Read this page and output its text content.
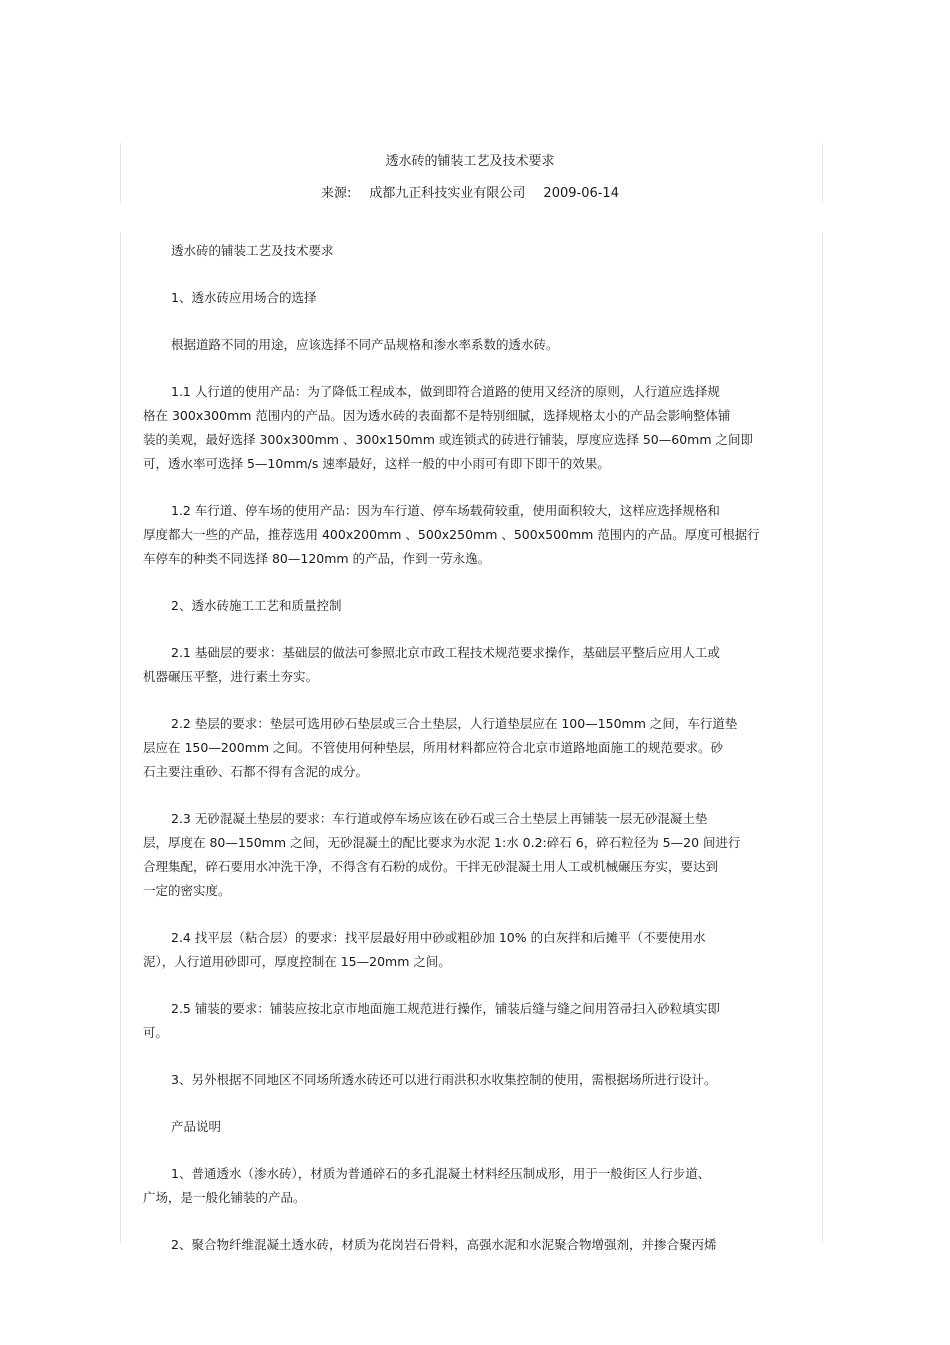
透水砖的铺装工艺及技术要求
来源: 成都九正科技实业有限公司 2009-06-14
透水砖的铺装工艺及技术要求
1、透水砖应用场合的选择
根据道路不同的用途，应该选择不同产品规格和渗水率系数的透水砖。
1.1 人行道的使用产品：为了降低工程成本，做到即符合道路的使用又经济的原则，人行道应选择规
格在 300x300mm 范围内的产品。因为透水砖的表面都不是特别细腻，选择规格太小的产品会影响整体铺
装的美观，最好选择 300x300mm 、300x150mm 或连锁式的砖进行铺装，厚度应选择 50—60mm 之间即
可，透水率可选择 5—10mm/s 速率最好，这样一般的中小雨可有即下即干的效果。
1.2 车行道、停车场的使用产品：因为车行道、停车场载荷较重，使用面积较大，这样应选择规格和
厚度都大一些的产品，推荐选用 400x200mm 、500x250mm 、500x500mm 范围内的产品。厚度可根据行
车停车的种类不同选择 80—120mm 的产品，作到一劳永逸。
2、透水砖施工工艺和质量控制
2.1 基础层的要求：基础层的做法可参照北京市政工程技术规范要求操作，基础层平整后应用人工或
机器碾压平整，进行素土夯实。
2.2 垫层的要求：垫层可选用砂石垫层或三合土垫层，人行道垫层应在 100—150mm 之间，车行道垫
层应在 150—200mm 之间。不管使用何种垫层，所用材料都应符合北京市道路地面施工的规范要求。砂
石主要注重砂、石都不得有含泥的成分。
2.3 无砂混凝土垫层的要求：车行道或停车场应该在砂石或三合土垫层上再铺装一层无砂混凝土垫
层，厚度在 80—150mm 之间，无砂混凝土的配比要求为水泥 1:水 0.2:碎石 6，碎石粒径为 5—20 间进行
合理集配，碎石要用水冲洗干净，不得含有石粉的成份。干拌无砂混凝土用人工或机械碾压夯实，要达到
一定的密实度。
2.4 找平层（粘合层）的要求：找平层最好用中砂或粗砂加 10% 的白灰拌和后摊平（不要使用水
泥），人行道用砂即可，厚度控制在 15—20mm 之间。
2.5 铺装的要求：铺装应按北京市地面施工规范进行操作，铺装后缝与缝之间用笤帚扫入砂粒填实即
可。
3、另外根据不同地区不同场所透水砖还可以进行雨洪积水收集控制的使用，需根据场所进行设计。
产品说明
1、普通透水（渗水砖），材质为普通碎石的多孔混凝土材料经压制成形，用于一般街区人行步道、
广场，是一般化铺装的产品。
2、聚合物纤维混凝土透水砖，材质为花岗岩石骨料，高强水泥和水泥聚合物增强剂，并掺合聚丙烯
